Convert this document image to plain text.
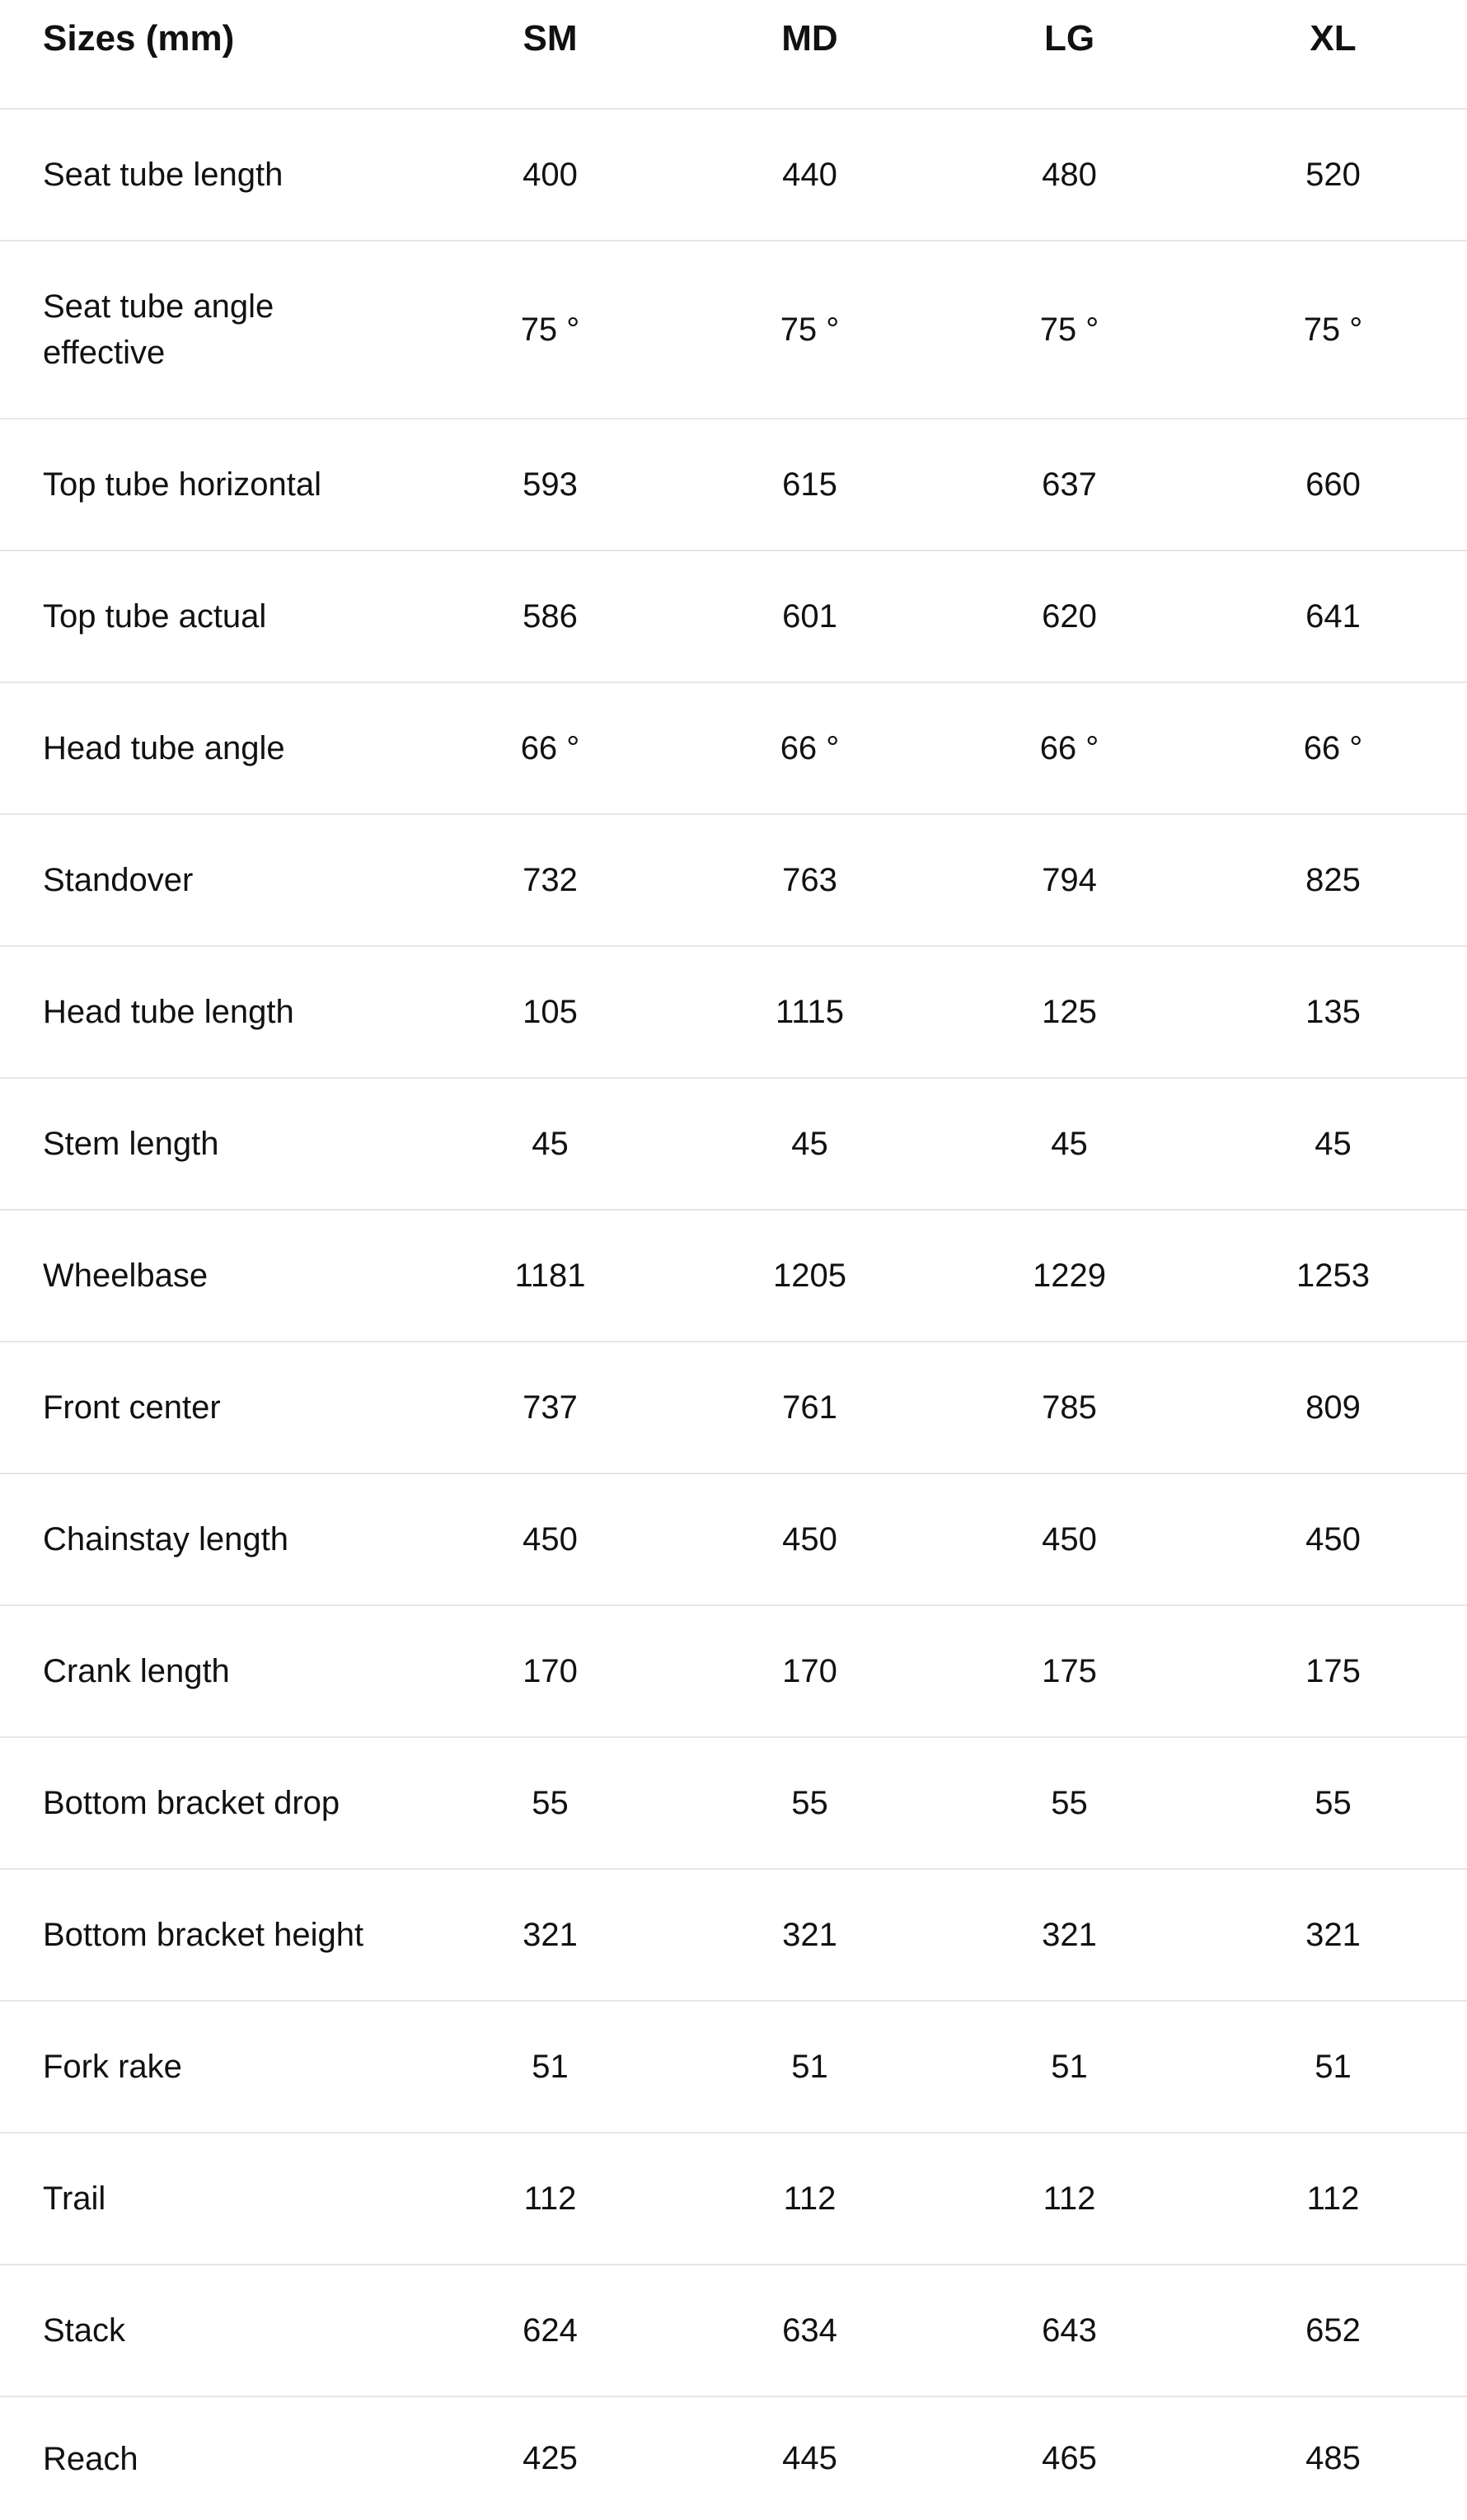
Sizes (mm)	SM	MD	LG	XL
Seat tube length	400	440	480	520
Seat tube angle effective	75 °	75 °	75 °	75 °
Top tube horizontal	593	615	637	660
Top tube actual	586	601	620	641
Head tube angle	66 °	66 °	66 °	66 °
Standover	732	763	794	825
Head tube length	105	1115	125	135
Stem length	45	45	45	45
Wheelbase	1181	1205	1229	1253
Front center	737	761	785	809
Chainstay length	450	450	450	450
Crank length	170	170	175	175
Bottom bracket drop	55	55	55	55
Bottom bracket height	321	321	321	321
Fork rake	51	51	51	51
Trail	112	112	112	112
Stack	624	634	643	652
Reach	425	445	465	485
